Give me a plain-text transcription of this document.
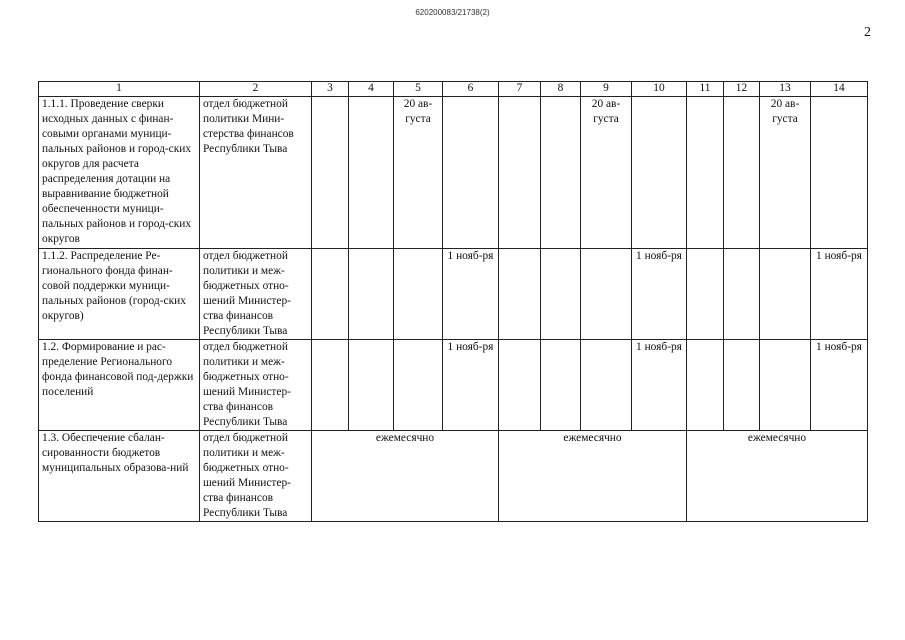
620200083/21738(2)
2
1	2	3	4	5	6	7	8	9	10	11	12	13	14
1.1.1. Проведение сверки исходных данных с финан-совыми органами муници-пальных районов и город-ских округов для расчета распределения дотации на выравнивание бюджетной обеспеченности муници-пальных районов и город-ских округов	отдел бюджетной политики Мини-стерства финансов Республики Тыва			20 ав-густа				20 ав-густа				20 ав-густа	
1.1.2. Распределение Ре-гионального фонда финан-совой поддержки муници-пальных районов (город-ских округов)	отдел бюджетной политики и меж-бюджетных отно-шений Министер-ства финансов Республики Тыва				1 нояб-ря				1 нояб-ря				1 нояб-ря
1.2. Формирование и рас-пределение Регионального фонда финансовой под-держки поселений	отдел бюджетной политики и меж-бюджетных отно-шений Министер-ства финансов Республики Тыва				1 нояб-ря				1 нояб-ря				1 нояб-ря
1.3. Обеспечение сбалан-сированности бюджетов муниципальных образова-ний	отдел бюджетной политики и меж-бюджетных отно-шений Министер-ства финансов Республики Тыва	ежемесячно				ежемесячно				ежемесячно			
